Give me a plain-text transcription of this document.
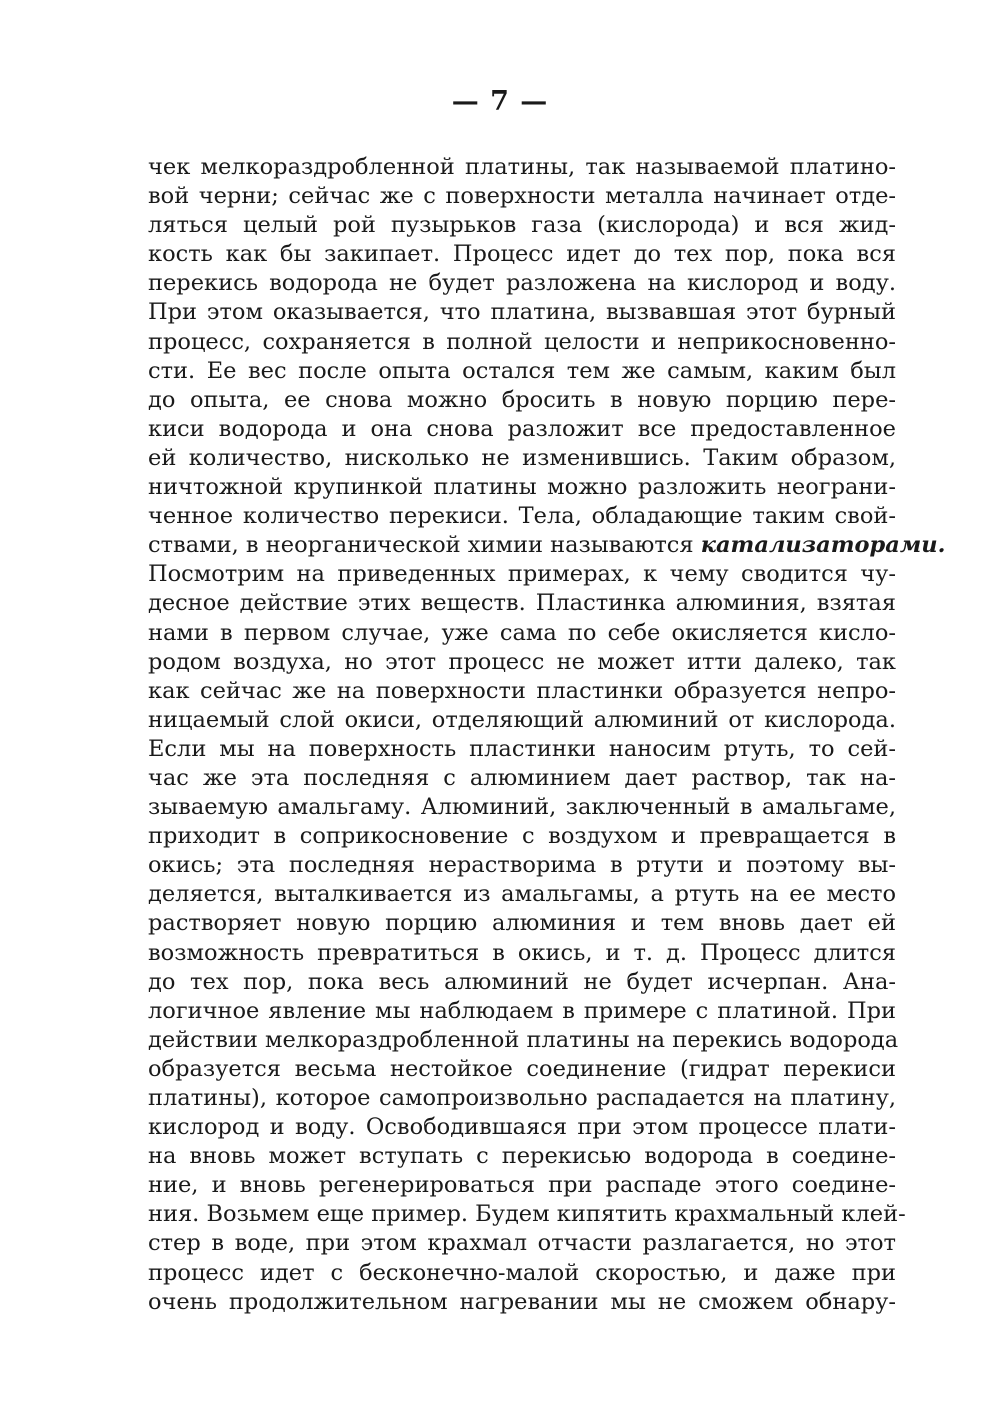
— 7 —
чек мелкораздробленной платины, так называемой платино-
вой черни; сейчас же с поверхности металла начинает отде-
ляться целый рой пузырьков газа (кислорода) и вся жид-
кость как бы закипает. Процесс идет до тех пор, пока вся
перекись водорода не будет разложена на кислород и воду.
При этом оказывается, что платина, вызвавшая этот бурный
процесс, сохраняется в полной целости и неприкосновенно-
сти. Ее вес после опыта остался тем же самым, каким был
до опыта, ее снова можно бросить в новую порцию пере-
киси водорода и она снова разложит все предоставленное
ей количество, нисколько не изменившись. Таким образом,
ничтожной крупинкой платины можно разложить неограни-
ченное количество перекиси. Тела, обладающие таким свой-
ствами, в неорганической химии называются катализаторами.
Посмотрим на приведенных примерах, к чему сводится чу-
десное действие этих веществ. Пластинка алюминия, взятая
нами в первом случае, уже сама по себе окисляется кисло-
родом воздуха, но этот процесс не может итти далеко, так
как сейчас же на поверхности пластинки образуется непро-
ницаемый слой окиси, отделяющий алюминий от кислорода.
Если мы на поверхность пластинки наносим ртуть, то сей-
час же эта последняя с алюминием дает раствор, так на-
зываемую амальгаму. Алюминий, заключенный в амальгаме,
приходит в соприкосновение с воздухом и превращается в
окись; эта последняя нерастворима в ртути и поэтому вы-
деляется, выталкивается из амальгамы, а ртуть на ее место
растворяет новую порцию алюминия и тем вновь дает ей
возможность превратиться в окись, и т. д. Процесс длится
до тех пор, пока весь алюминий не будет исчерпан. Ана-
логичное явление мы наблюдаем в примере с платиной. При
действии мелкораздробленной платины на перекись водорода
образуется весьма нестойкое соединение (гидрат перекиси
платины), которое самопроизвольно распадается на платину,
кислород и воду. Освободившаяся при этом процессе плати-
на вновь может вступать с перекисью водорода в соедине-
ние, и вновь регенерироваться при распаде этого соедине-
ния. Возьмем еще пример. Будем кипятить крахмальный клей-
стер в воде, при этом крахмал отчасти разлагается, но этот
процесс идет с бесконечно-малой скоростью, и даже при
очень продолжительном нагревании мы не сможем обнару-
